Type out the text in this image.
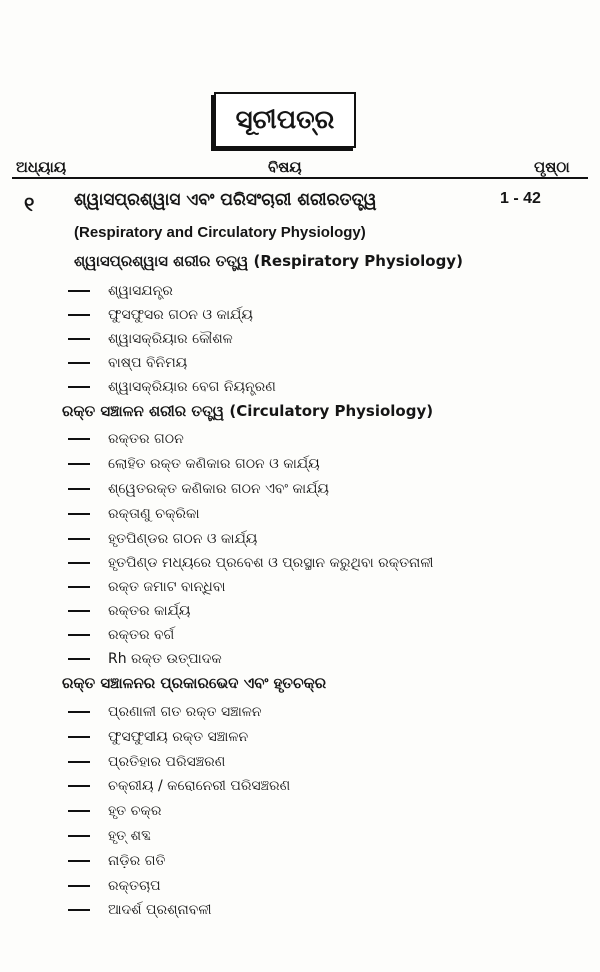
ସୂଚୀପତ୍ର
ଅଧ୍ୟାୟ	ବିଷୟ	ପୃଷ୍ଠା
୧ ଶ୍ୱାସପ୍ରଶ୍ୱାସ ଏବଂ ପରିସଂଚାରୀ ଶରୀରତତ୍ତ୍ୱ	1 - 42
(Respiratory and Circulatory Physiology)
ଶ୍ୱାସପ୍ରଶ୍ୱାସ ଶରୀର ତତ୍ତ୍ୱ (Respiratory Physiology)
ଶ୍ୱାସଯନ୍ତ୍ର
ଫୁସଫୁସର ଗଠନ ଓ କାର୍ଯ୍ୟ
ଶ୍ୱାସକ୍ରିୟାର କୌଶଳ
ବାଷ୍ପ ବିନିମୟ
ଶ୍ୱାସକ୍ରିୟାର ବେଗ ନିୟନ୍ତ୍ରଣ
ରକ୍ତ ସଞ୍ଚାଳନ ଶରୀର ତତ୍ତ୍ୱ (Circulatory Physiology)
ରକ୍ତର ଗଠନ
ଲୋହିତ ରକ୍ତ କଣିକାର ଗଠନ ଓ କାର୍ଯ୍ୟ
ଶ୍ୱେତରକ୍ତ କଣିକାର ଗଠନ ଏବଂ କାର୍ଯ୍ୟ
ରକ୍ତାଣୁ ଚକ୍ରିକା
ହୃତପିଣ୍ଡର ଗଠନ ଓ କାର୍ଯ୍ୟ
ହୃତପିଣ୍ଡ ମଧ୍ୟରେ ପ୍ରବେଶ ଓ ପ୍ରସ୍ଥାନ କରୁଥିବା ରକ୍ତନାଳୀ
ରକ୍ତ ଜମାଟ ବାନ୍ଧିବା
ରକ୍ତର କାର୍ଯ୍ୟ
ରକ୍ତର ବର୍ଗ
Rh ରକ୍ତ ଉତ୍ପାଦକ
ରକ୍ତ ସଞ୍ଚାଳନର ପ୍ରକାରଭେଦ ଏବଂ ହୃତଚକ୍ର
ପ୍ରଣାଳୀ ଗତ ରକ୍ତ ସଞ୍ଚାଳନ
ଫୁସଫୁସୀୟ ରକ୍ତ ସଞ୍ଚାଳନ
ପ୍ରତିହାର ପରିସଞ୍ଚରଣ
ଚକ୍ରୀୟ / କରୋନେରୀ ପରିସଞ୍ଚରଣ
ହୃତ ଚକ୍ର
ହୃତ୍ ଶବ୍ଦ
ନାଡ଼ିର ଗତି
ରକ୍ତଚାପ
ଆଦର୍ଶ ପ୍ରଶ୍ନାବଳୀ
